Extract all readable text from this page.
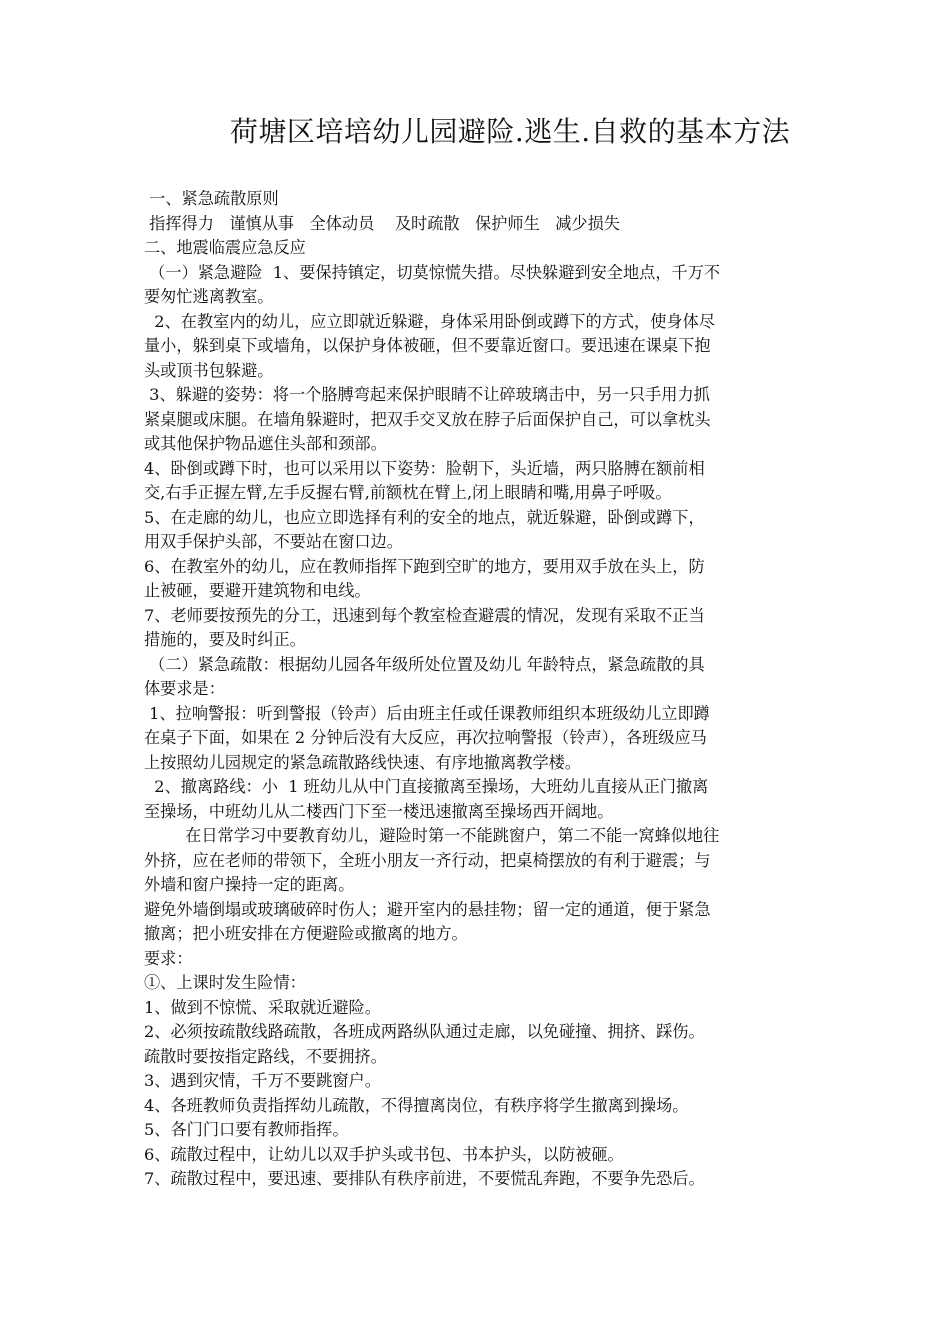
荷塘区培培幼儿园避险.逃生.自救的基本方法
一、紧急疏散原则
指挥得力   谨慎从事   全体动员    及时疏散   保护师生   减少损失
二、地震临震应急反应
（一）紧急避险  1、要保持镇定，切莫惊慌失措。尽快躲避到安全地点，千万不
要匆忙逃离教室。
2、在教室内的幼儿，应立即就近躲避，身体采用卧倒或蹲下的方式，使身体尽
量小，躲到桌下或墙角，以保护身体被砸，但不要靠近窗口。要迅速在课桌下抱
头或顶书包躲避。
3、躲避的姿势：将一个胳膊弯起来保护眼睛不让碎玻璃击中，另一只手用力抓
紧桌腿或床腿。在墙角躲避时，把双手交叉放在脖子后面保护自己，可以拿枕头
或其他保护物品遮住头部和颈部。
4、卧倒或蹲下时，也可以采用以下姿势：脸朝下，头近墙，两只胳膊在额前相
交,右手正握左臂,左手反握右臂,前额枕在臂上,闭上眼睛和嘴,用鼻子呼吸。
5、在走廊的幼儿，也应立即选择有利的安全的地点，就近躲避，卧倒或蹲下，
用双手保护头部，不要站在窗口边。
6、在教室外的幼儿，应在教师指挥下跑到空旷的地方，要用双手放在头上，防
止被砸，要避开建筑物和电线。
7、老师要按预先的分工，迅速到每个教室检查避震的情况，发现有采取不正当
措施的，要及时纠正。
（二）紧急疏散：根据幼儿园各年级所处位置及幼儿 年龄特点，紧急疏散的具
体要求是：
1、拉响警报：听到警报（铃声）后由班主任或任课教师组织本班级幼儿立即蹲
在桌子下面，如果在 2 分钟后没有大反应，再次拉响警报（铃声），各班级应马
上按照幼儿园规定的紧急疏散路线快速、有序地撤离教学楼。
2、撤离路线：小  1 班幼儿从中门直接撤离至操场，大班幼儿直接从正门撤离
至操场，中班幼儿从二楼西门下至一楼迅速撤离至操场西开阔地。
在日常学习中要教育幼儿，避险时第一不能跳窗户，第二不能一窝蜂似地往
外挤，应在老师的带领下，全班小朋友一齐行动，把桌椅摆放的有利于避震；与
外墙和窗户操持一定的距离。
避免外墙倒塌或玻璃破碎时伤人；避开室内的悬挂物；留一定的通道，便于紧急
撤离；把小班安排在方便避险或撤离的地方。
要求：
①、上课时发生险情：
1、做到不惊慌、采取就近避险。
2、必须按疏散线路疏散，各班成两路纵队通过走廊，以免碰撞、拥挤、踩伤。
疏散时要按指定路线，不要拥挤。
3、遇到灾情，千万不要跳窗户。
4、各班教师负责指挥幼儿疏散，不得擅离岗位，有秩序将学生撤离到操场。
5、各门门口要有教师指挥。
6、疏散过程中，让幼儿以双手护头或书包、书本护头，以防被砸。
7、疏散过程中，要迅速、要排队有秩序前进，不要慌乱奔跑，不要争先恐后。
